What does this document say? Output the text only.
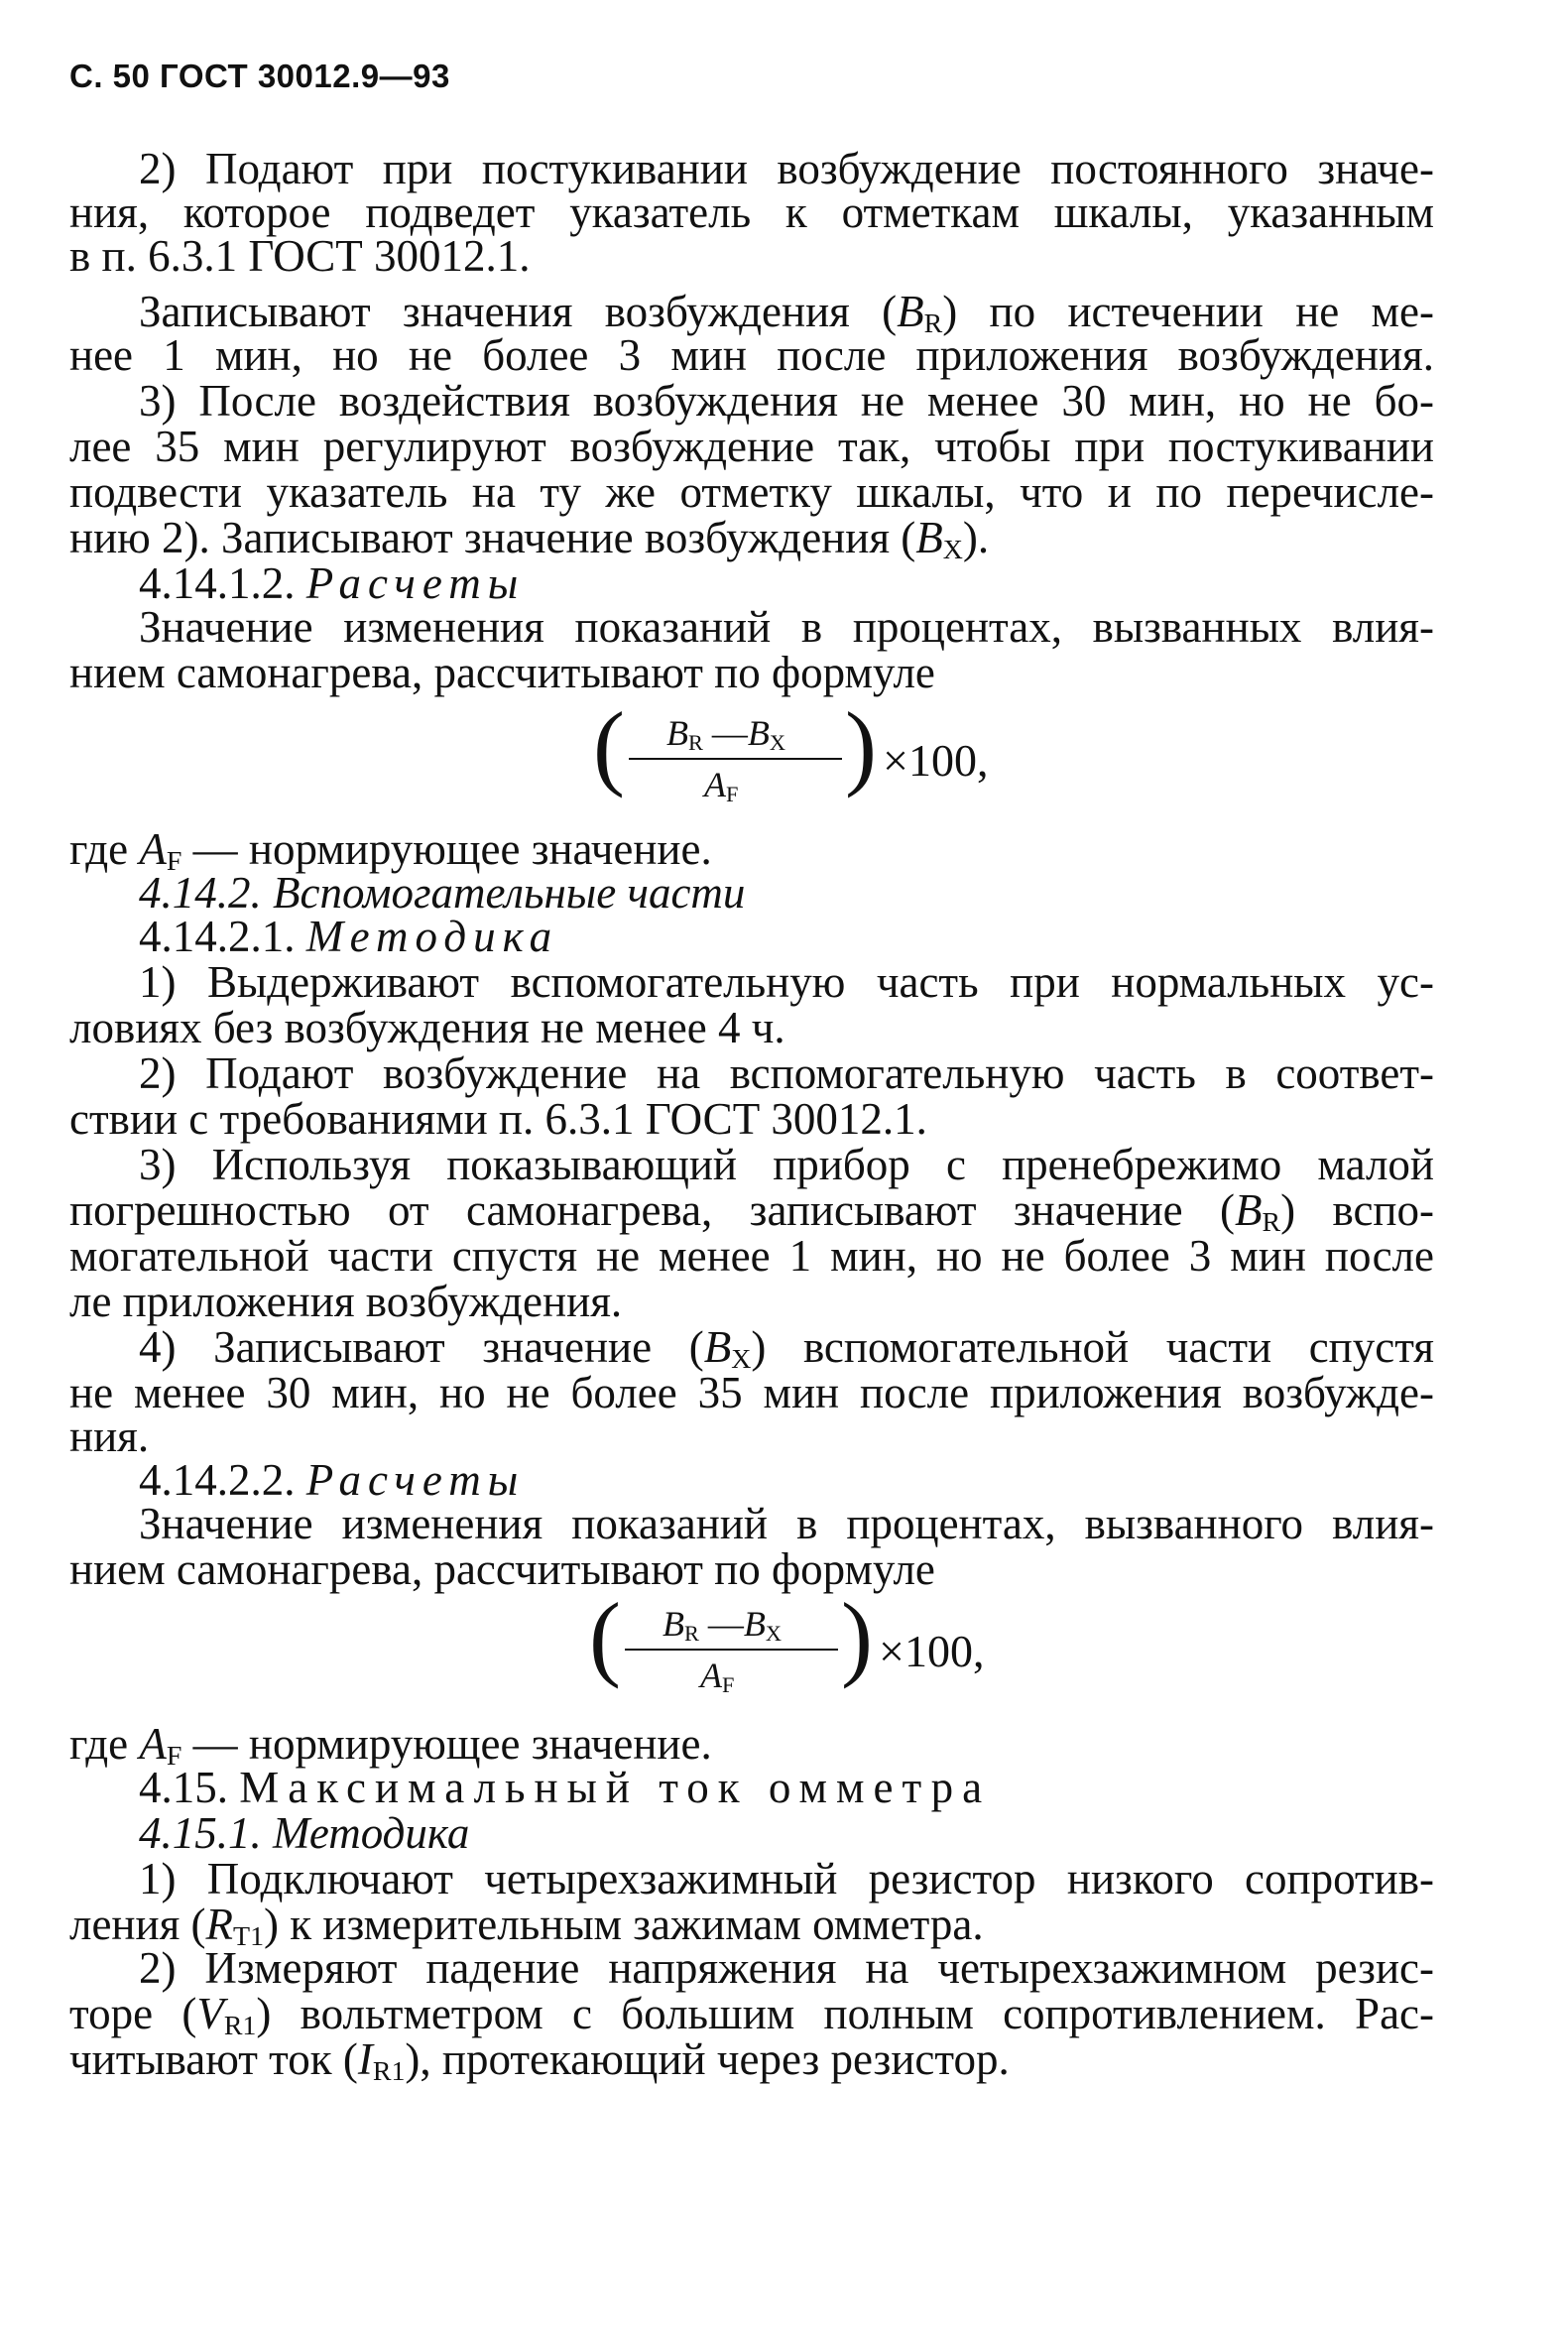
С. 50 ГОСТ 30012.9—93
2) Подают при постукивании возбуждение постоянного значе-
ния, которое подведет указатель к отметкам шкалы, указанным
в п. 6.3.1 ГОСТ 30012.1.
Записывают значения возбуждения $(B_R)$ по истечении не ме-
нее 1 мин, но не более 3 мин после приложения возбуждения.
3) После воздействия возбуждения не менее 30 мин, но не бо-
лее 35 мин регулируют возбуждение так, чтобы при постукивании
подвести указатель на ту же отметку шкалы, что и по перечисле-
нию 2). Записывают значение возбуждения $(B_X)$.
4.14.1.2. Расчеты
Значение изменения показаний в процентах, вызванных влия-
нием самонагрева, рассчитывают по формуле
( $B_R$ $—B_X$
$A_F$ ) ×100,
где $A_F$ — нормирующее значение.
4.14.2. Вспомогательные части
4.14.2.1. Методика
1) Выдерживают вспомогательную часть при нормальных ус-
ловиях без возбуждения не менее 4 ч.
2) Подают возбуждение на вспомогательную часть в соответ-
ствии с требованиями п. 6.3.1 ГОСТ 30012.1.
3) Используя показывающий прибор с пренебрежимо малой
погрешностью от самонагрева, записывают значение $(B_R)$ вспо-
могательной части спустя не менее 1 мин, но не более 3 мин после
ле приложения возбуждения.
4) Записывают значение $(B_X)$ вспомогательной части спустя
не менее 30 мин, но не более 35 мин после приложения возбужде-
ния.
4.14.2.2. Расчеты
Значение изменения показаний в процентах, вызванного влия-
нием самонагрева, рассчитывают по формуле
( $B_R$ $—B_X$
$A_F$ ) ×100,
где $A_F$ — нормирующее значение.
4.15. Максимальный ток омметра
4.15.1. Методика
1) Подключают четырехзажимный резистор низкого сопротив-
ления $(R_{T1})$ к измерительным зажимам омметра.
2) Измеряют падение напряжения на четырехзажимном резис-
торе $(V_{R1})$ вольтметром с большим полным сопротивлением. Рас-
читывают ток $(I_{R1})$, протекающий через резистор.
